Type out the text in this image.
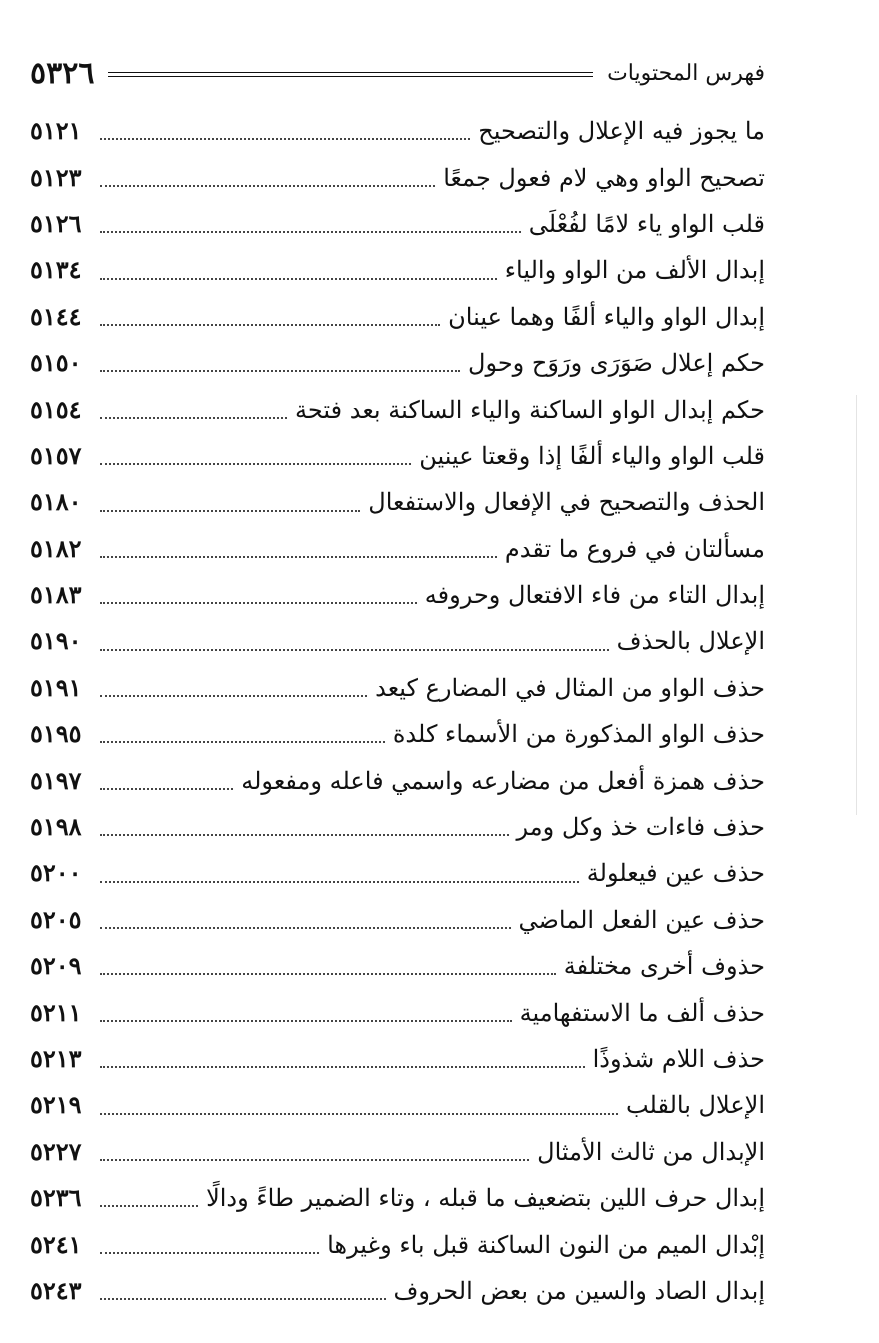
فهرس المحتويات
٥٣٢٦
ما يجوز فيه الإعلال والتصحيح
٥١٢١
تصحيح الواو وهي لام فعول جمعًا
٥١٢٣
قلب الواو ياء لامًا لفُعْلَى
٥١٢٦
إبدال الألف من الواو والياء
٥١٣٤
إبدال الواو والياء ألفًا وهما عينان
٥١٤٤
حكم إعلال صَوَرَى ورَوَح وحول
٥١٥٠
حكم إبدال الواو الساكنة والياء الساكنة بعد فتحة
٥١٥٤
قلب الواو والياء ألفًا إذا وقعتا عينين
٥١٥٧
الحذف والتصحيح في الإفعال والاستفعال
٥١٨٠
مسألتان في فروع ما تقدم
٥١٨٢
إبدال التاء من فاء الافتعال وحروفه
٥١٨٣
الإعلال بالحذف
٥١٩٠
حذف الواو من المثال في المضارع كيعد
٥١٩١
حذف الواو المذكورة من الأسماء كلدة
٥١٩٥
حذف همزة أفعل من مضارعه واسمي فاعله ومفعوله
٥١٩٧
حذف فاءات خذ وكل ومر
٥١٩٨
حذف عين فيعلولة
٥٢٠٠
حذف عين الفعل الماضي
٥٢٠٥
حذوف أخرى مختلفة
٥٢٠٩
حذف ألف ما الاستفهامية
٥٢١١
حذف اللام شذوذًا
٥٢١٣
الإعلال بالقلب
٥٢١٩
الإبدال من ثالث الأمثال
٥٢٢٧
إبدال حرف اللين بتضعيف ما قبله ، وتاء الضمير طاءً ودالًا
٥٢٣٦
إبْدال الميم من النون الساكنة قبل باء وغيرها
٥٢٤١
إبدال الصاد والسين من بعض الحروف
٥٢٤٣
